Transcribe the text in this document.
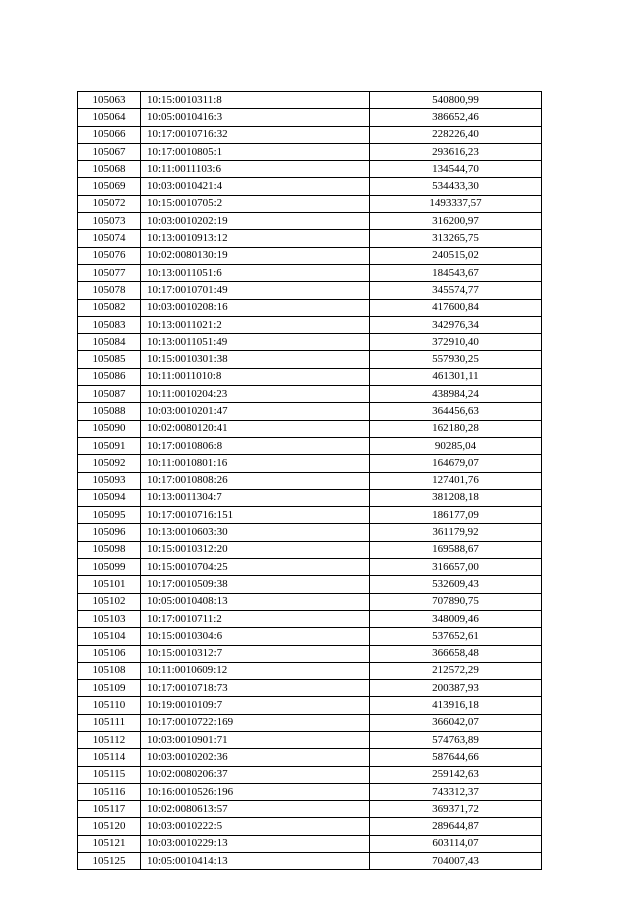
105063	10:15:0010311:8	540800,99
105064	10:05:0010416:3	386652,46
105066	10:17:0010716:32	228226,40
105067	10:17:0010805:1	293616,23
105068	10:11:0011103:6	134544,70
105069	10:03:0010421:4	534433,30
105072	10:15:0010705:2	1493337,57
105073	10:03:0010202:19	316200,97
105074	10:13:0010913:12	313265,75
105076	10:02:0080130:19	240515,02
105077	10:13:0011051:6	184543,67
105078	10:17:0010701:49	345574,77
105082	10:03:0010208:16	417600,84
105083	10:13:0011021:2	342976,34
105084	10:13:0011051:49	372910,40
105085	10:15:0010301:38	557930,25
105086	10:11:0011010:8	461301,11
105087	10:11:0010204:23	438984,24
105088	10:03:0010201:47	364456,63
105090	10:02:0080120:41	162180,28
105091	10:17:0010806:8	90285,04
105092	10:11:0010801:16	164679,07
105093	10:17:0010808:26	127401,76
105094	10:13:0011304:7	381208,18
105095	10:17:0010716:151	186177,09
105096	10:13:0010603:30	361179,92
105098	10:15:0010312:20	169588,67
105099	10:15:0010704:25	316657,00
105101	10:17:0010509:38	532609,43
105102	10:05:0010408:13	707890,75
105103	10:17:0010711:2	348009,46
105104	10:15:0010304:6	537652,61
105106	10:15:0010312:7	366658,48
105108	10:11:0010609:12	212572,29
105109	10:17:0010718:73	200387,93
105110	10:19:0010109:7	413916,18
105111	10:17:0010722:169	366042,07
105112	10:03:0010901:71	574763,89
105114	10:03:0010202:36	587644,66
105115	10:02:0080206:37	259142,63
105116	10:16:0010526:196	743312,37
105117	10:02:0080613:57	369371,72
105120	10:03:0010222:5	289644,87
105121	10:03:0010229:13	603114,07
105125	10:05:0010414:13	704007,43
